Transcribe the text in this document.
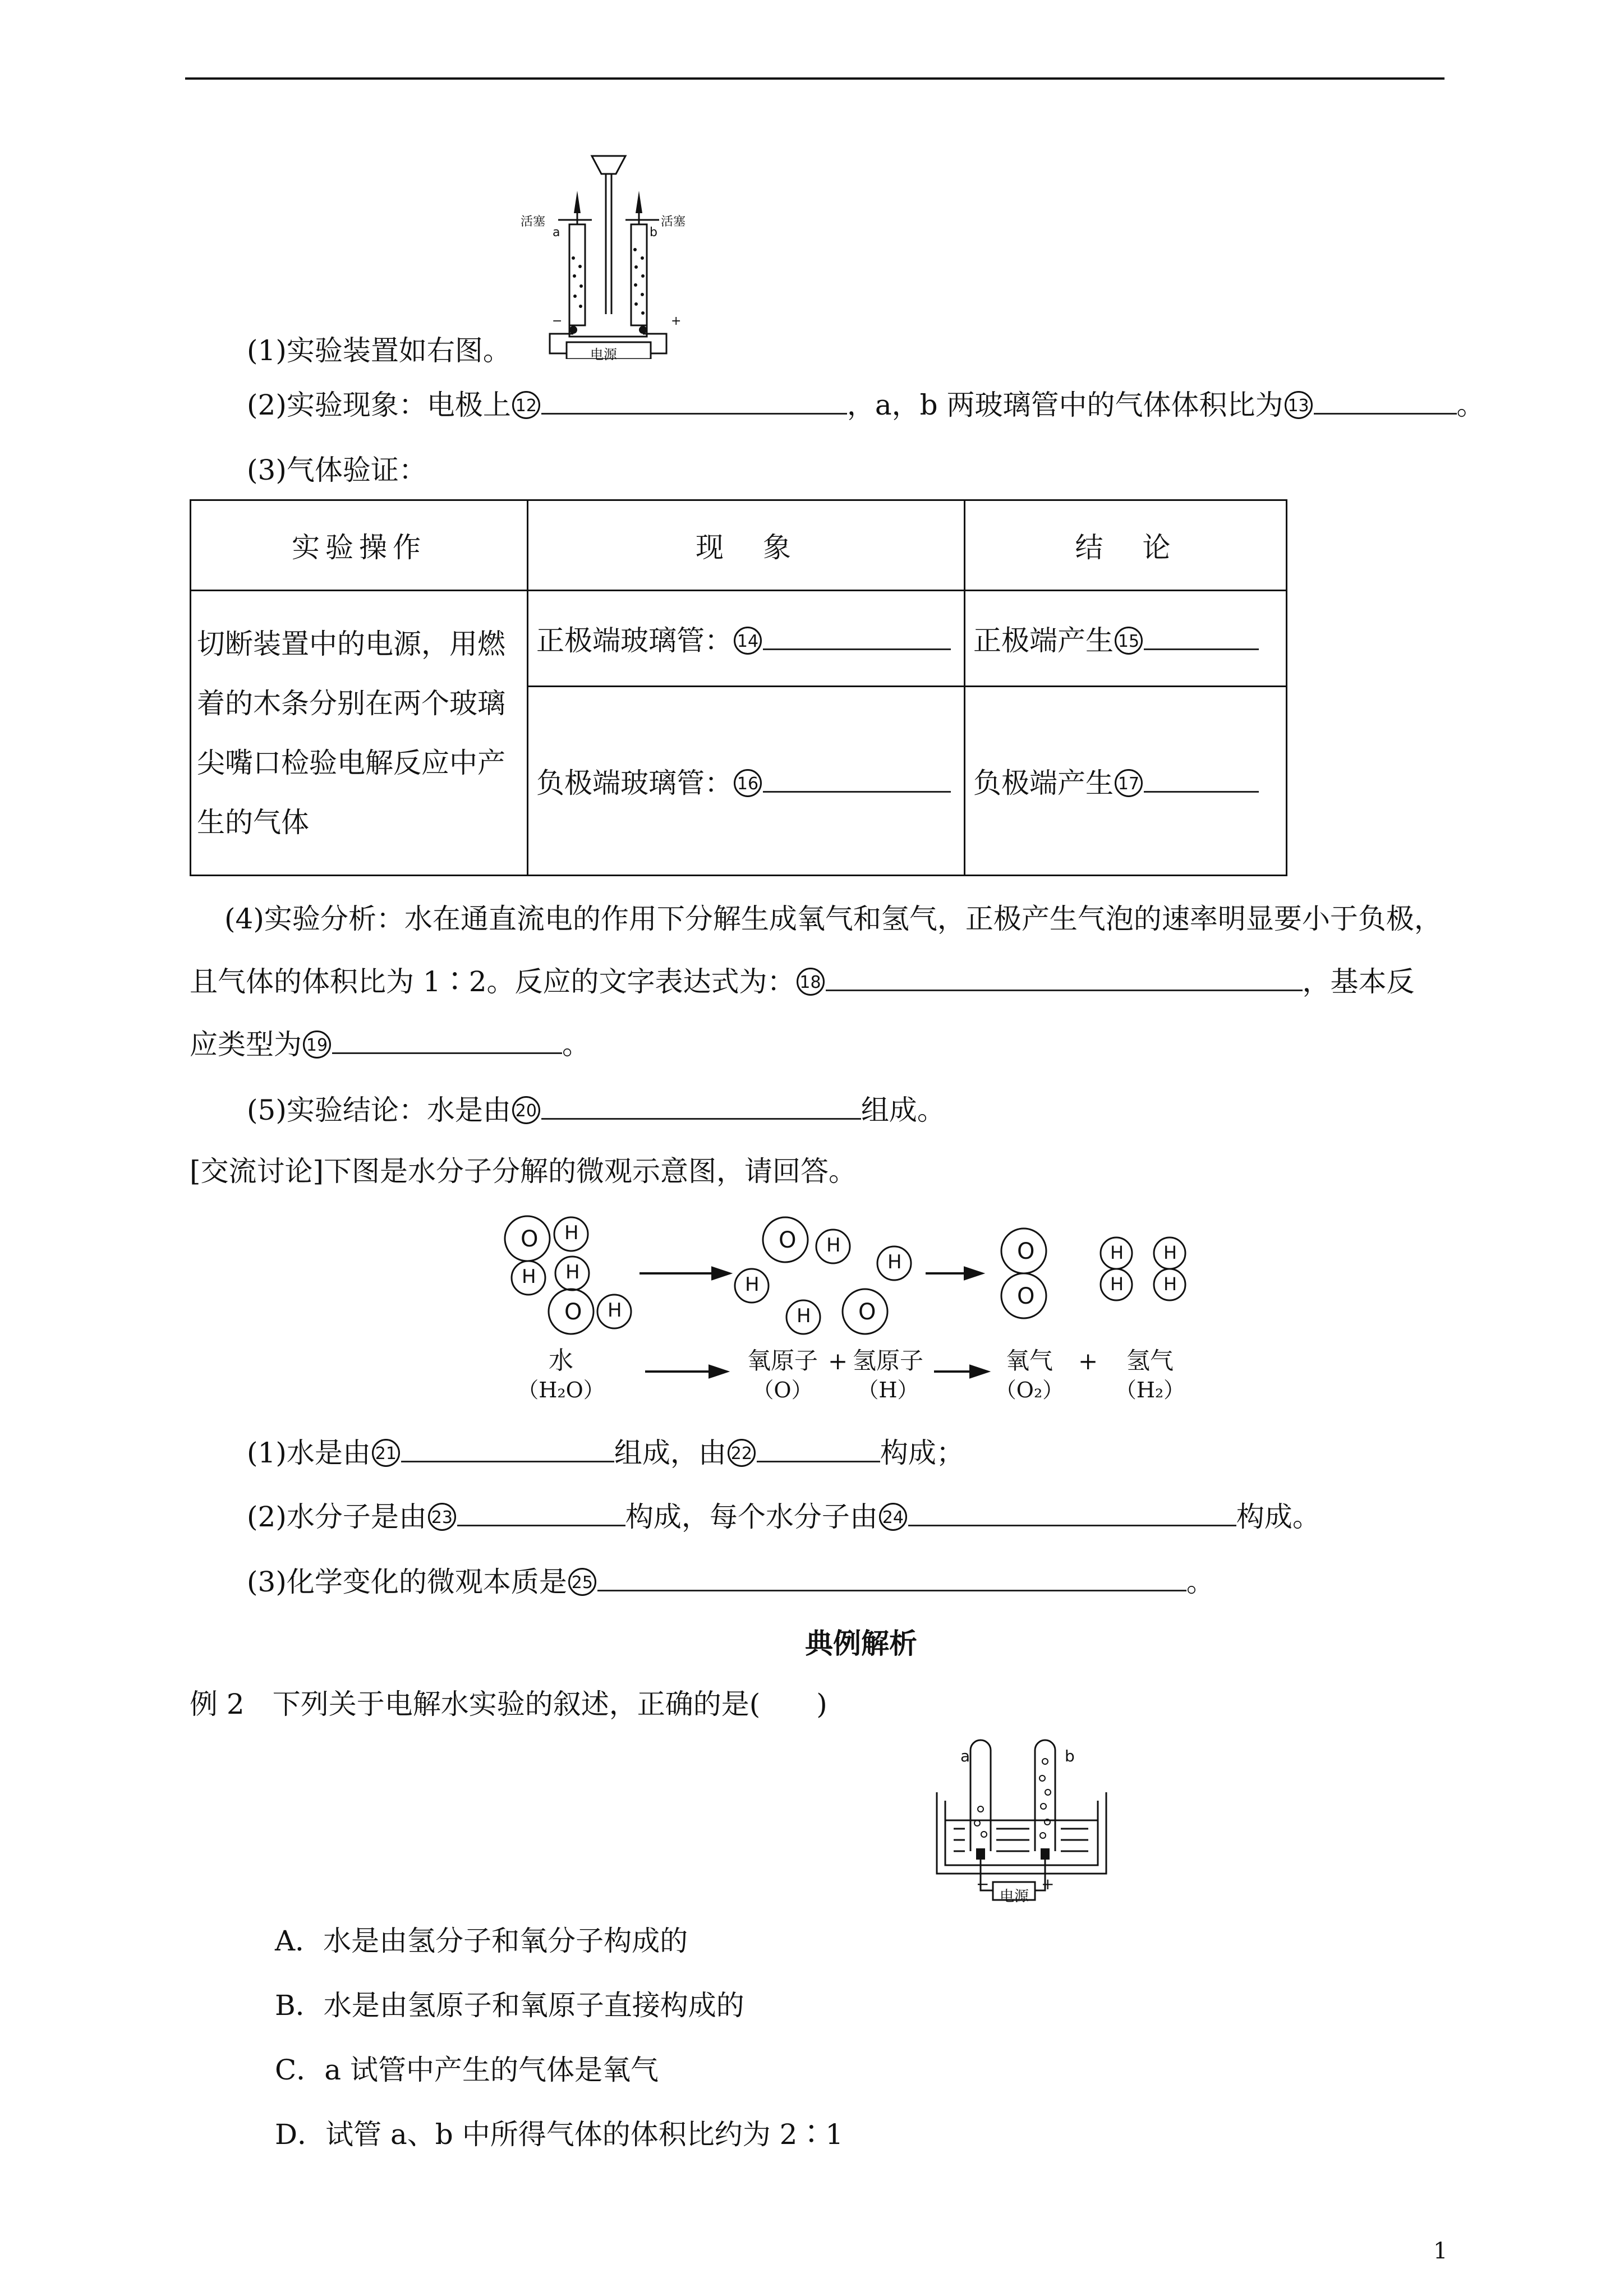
活塞	活塞
a	b
−	+
电源
(1)实验装置如右图。
(2)实验现象：电极上 12	，a，b 两玻璃管中的气体体积比为 13	。
(3)气体验证：
实验操作	现　象	结　论

切断装置中的电源，用燃
着的木条分别在两个玻璃
尖嘴口检验电解反应中产
生的气体	正极端玻璃管： 14	正极端产生 15
	负极端玻璃管： 16	负极端产生 17
(4)实验分析：水在通直流电的作用下分解生成氧气和氢气，正极产生气泡的速率明显要小于负极，
且气体的体积比为 1∶2。反应的文字表达式为： 18	，基本反
应类型为 19	。
(5)实验结论：水是由 20	组成。
[交流讨论]下图是水分子分解的微观示意图，请回答。
O H
H H
O H
O H
H
H
H O
O
O
H
H
H
H
水
（H₂O）
氧原子
（O）
+ 氢原子
（H）
氧气
（O₂）
+	氢气
（H₂）
(1)水是由 21	组成，由 22	构成；
(2)水分子是由 23	构成，每个水分子由 24	构成。
(3)化学变化的微观本质是 25	。
典例解析
例 2　下列关于电解水实验的叙述，正确的是(　　)
a	b
−	+
电源
A．水是由氢分子和氧分子构成的
B．水是由氢原子和氧原子直接构成的
C．a 试管中产生的气体是氧气
D．试管 a、b 中所得气体的体积比约为 2∶1
1
